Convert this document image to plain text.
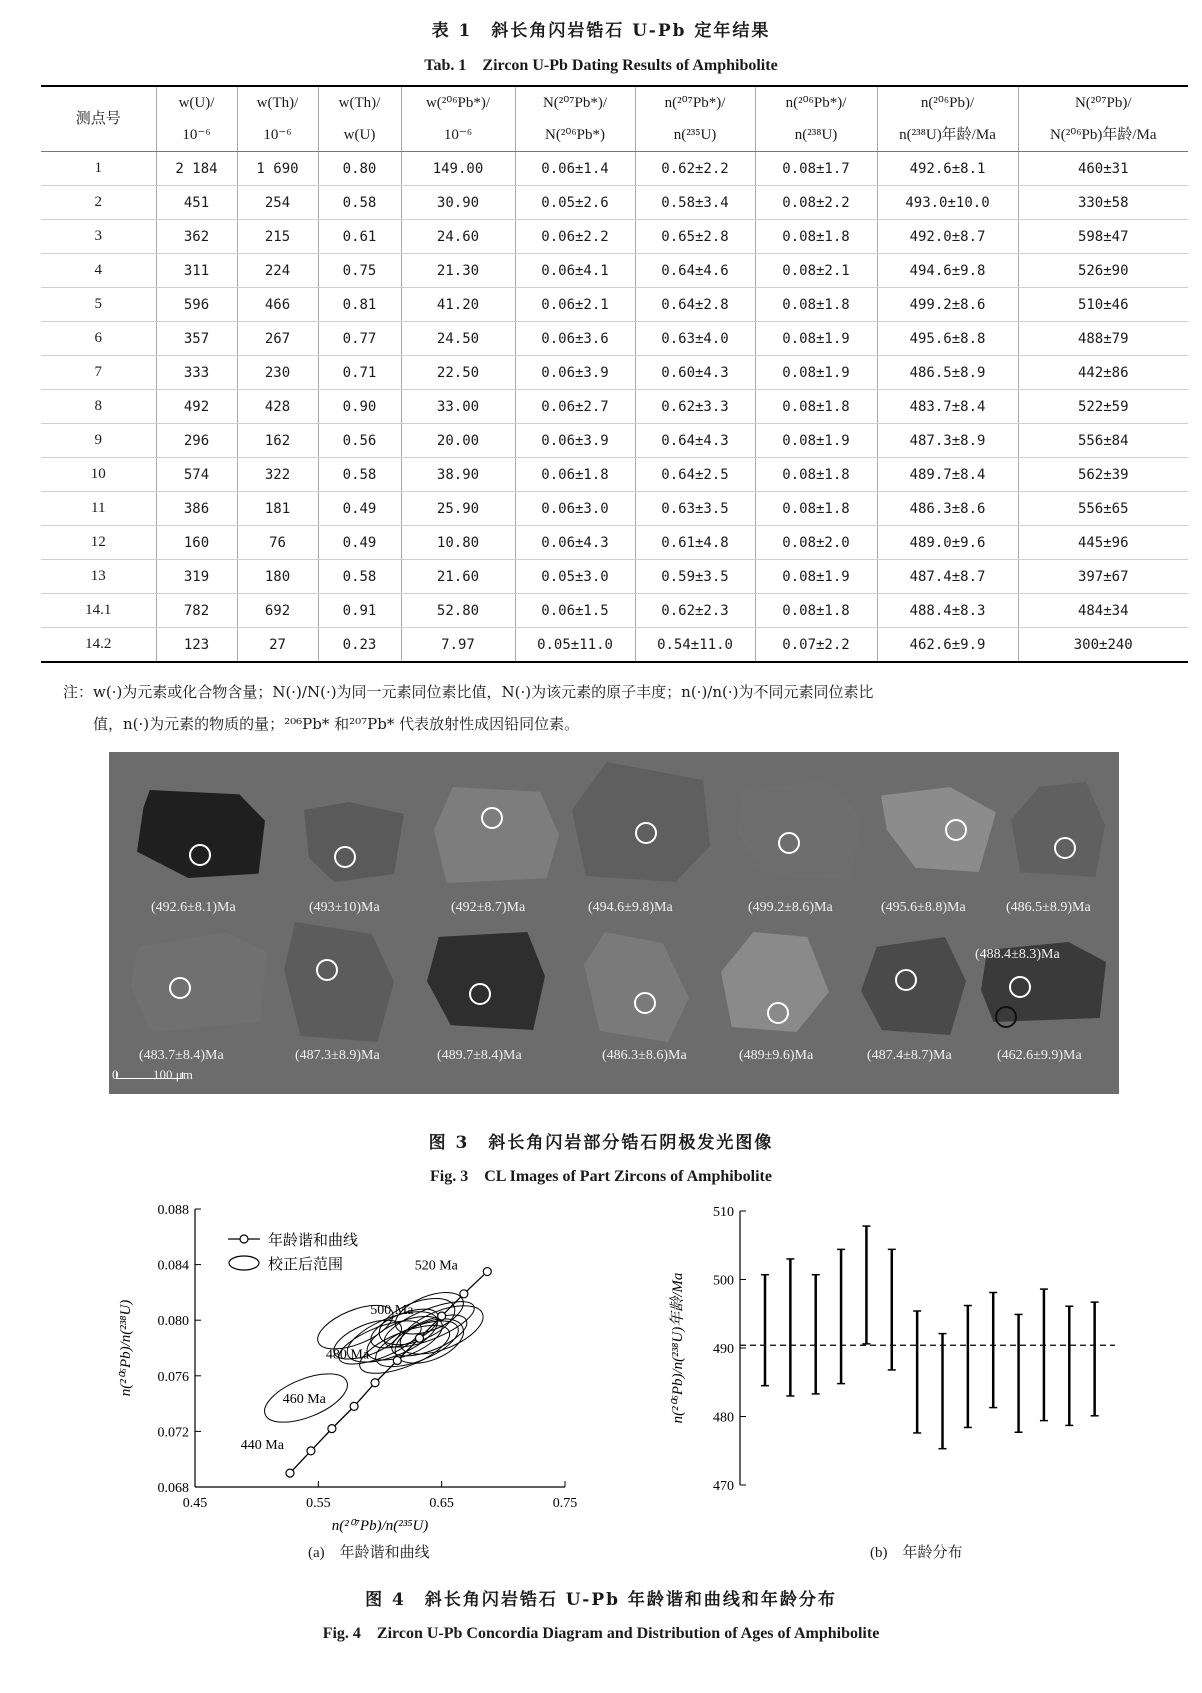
表 1　斜长角闪岩锆石 U-Pb 定年结果
Tab. 1　Zircon U-Pb Dating Results of Amphibolite
测点号	w(U)/	w(Th)/	w(Th)/	w(²⁰⁶Pb*)/	N(²⁰⁷Pb*)/	n(²⁰⁷Pb*)/	n(²⁰⁶Pb*)/	n(²⁰⁶Pb)/	N(²⁰⁷Pb)/
	10⁻⁶	10⁻⁶	w(U)	10⁻⁶	N(²⁰⁶Pb*)	n(²³⁵U)	n(²³⁸U)	n(²³⁸U)年龄/Ma	N(²⁰⁶Pb)年龄/Ma
1	2 184	1 690	0.80	149.00	0.06±1.4	0.62±2.2	0.08±1.7	492.6±8.1	460±31
2	451	254	0.58	30.90	0.05±2.6	0.58±3.4	0.08±2.2	493.0±10.0	330±58
3	362	215	0.61	24.60	0.06±2.2	0.65±2.8	0.08±1.8	492.0±8.7	598±47
4	311	224	0.75	21.30	0.06±4.1	0.64±4.6	0.08±2.1	494.6±9.8	526±90
5	596	466	0.81	41.20	0.06±2.1	0.64±2.8	0.08±1.8	499.2±8.6	510±46
6	357	267	0.77	24.50	0.06±3.6	0.63±4.0	0.08±1.9	495.6±8.8	488±79
7	333	230	0.71	22.50	0.06±3.9	0.60±4.3	0.08±1.9	486.5±8.9	442±86
8	492	428	0.90	33.00	0.06±2.7	0.62±3.3	0.08±1.8	483.7±8.4	522±59
9	296	162	0.56	20.00	0.06±3.9	0.64±4.3	0.08±1.9	487.3±8.9	556±84
10	574	322	0.58	38.90	0.06±1.8	0.64±2.5	0.08±1.8	489.7±8.4	562±39
11	386	181	0.49	25.90	0.06±3.0	0.63±3.5	0.08±1.8	486.3±8.6	556±65
12	160	76	0.49	10.80	0.06±4.3	0.61±4.8	0.08±2.0	489.0±9.6	445±96
13	319	180	0.58	21.60	0.05±3.0	0.59±3.5	0.08±1.9	487.4±8.7	397±67
14.1	782	692	0.91	52.80	0.06±1.5	0.62±2.3	0.08±1.8	488.4±8.3	484±34
14.2	123	27	0.23	7.97	0.05±11.0	0.54±11.0	0.07±2.2	462.6±9.9	300±240
注：w(·)为元素或化合物含量；N(·)/N(·)为同一元素同位素比值，N(·)为该元素的原子丰度；n(·)/n(·)为不同元素同位素比
值，n(·)为元素的物质的量；²⁰⁶Pb* 和²⁰⁷Pb* 代表放射性成因铅同位素。
(492.6±8.1)Ma	(493±10)Ma	(492±8.7)Ma	(494.6±9.8)Ma	(499.2±8.6)Ma	(495.6±8.8)Ma	(486.5±8.9)Ma
(488.4±8.3)Ma
(483.7±8.4)Ma	(487.3±8.9)Ma	(489.7±8.4)Ma	(486.3±8.6)Ma	(489±9.6)Ma	(487.4±8.7)Ma	(462.6±9.9)Ma
0	100 μm
图 3　斜长角闪岩部分锆石阴极发光图像
Fig. 3　CL Images of Part Zircons of Amphibolite
0.45	0.55	0.65	0.75
0.068
0.072
0.076
0.080
0.084
0.088
n(²⁰⁷Pb)/n(²³⁵U)
n(²⁰⁶Pb)/n(²³⁸U)
440 Ma
460 Ma
480 Ma
500 Ma
520 Ma
年龄谐和曲线
校正后范围
(a)　年龄谐和曲线
470
480
490
500
510
n(²⁰⁶Pb)/n(²³⁸U)年龄/Ma
(b)　年龄分布
图 4　斜长角闪岩锆石 U-Pb 年龄谐和曲线和年龄分布
Fig. 4　Zircon U-Pb Concordia Diagram and Distribution of Ages of Amphibolite
